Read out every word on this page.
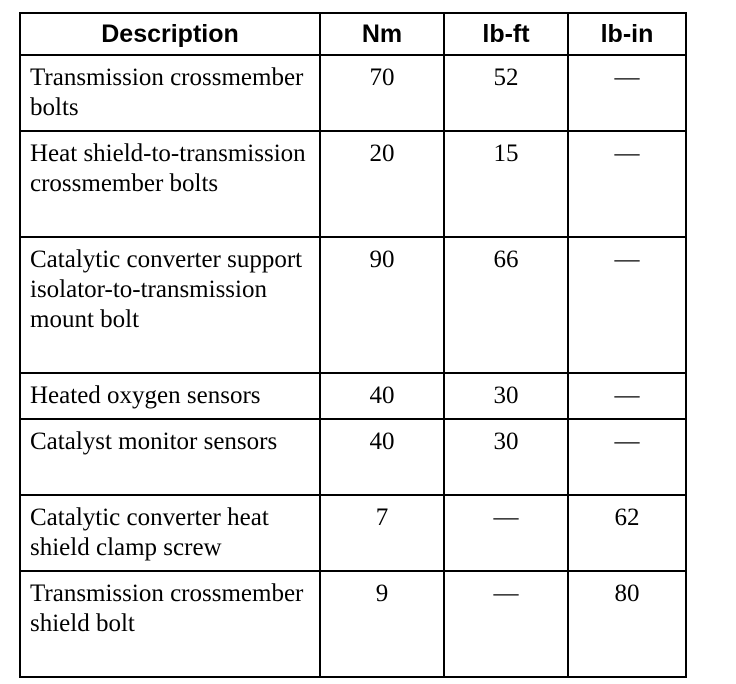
Description	Nm	lb-ft	lb-in
Transmission crossmember bolts	70	52	—
Heat shield-to-transmission crossmember bolts	20	15	—
Catalytic converter support isolator-to-transmission mount bolt	90	66	—
Heated oxygen sensors	40	30	—
Catalyst monitor sensors	40	30	—
Catalytic converter heat shield clamp screw	7	—	62
Transmission crossmember shield bolt	9	—	80
